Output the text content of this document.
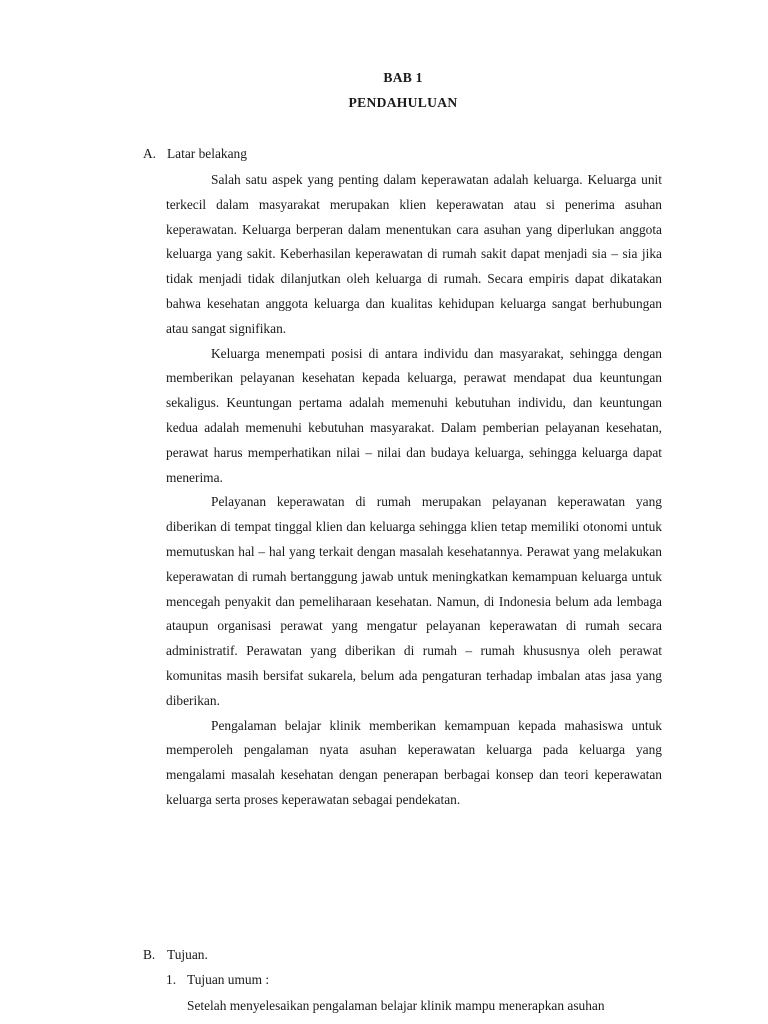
BAB 1
PENDAHULUAN
A. Latar belakang

Salah satu aspek yang penting dalam keperawatan adalah keluarga. Keluarga unit terkecil dalam masyarakat merupakan klien keperawatan atau si penerima asuhan keperawatan. Keluarga berperan dalam menentukan cara asuhan yang diperlukan anggota keluarga yang sakit. Keberhasilan keperawatan di rumah sakit dapat menjadi sia – sia jika tidak menjadi tidak dilanjutkan oleh keluarga di rumah. Secara empiris dapat dikatakan bahwa kesehatan anggota keluarga dan kualitas kehidupan keluarga sangat berhubungan atau sangat signifikan.

Keluarga menempati posisi di antara individu dan masyarakat, sehingga dengan memberikan pelayanan kesehatan kepada keluarga, perawat mendapat dua keuntungan sekaligus. Keuntungan pertama adalah memenuhi kebutuhan individu, dan keuntungan kedua adalah memenuhi kebutuhan masyarakat. Dalam pemberian pelayanan kesehatan, perawat harus memperhatikan nilai – nilai dan budaya keluarga, sehingga keluarga dapat menerima.

Pelayanan keperawatan di rumah merupakan pelayanan keperawatan yang diberikan di tempat tinggal klien dan keluarga sehingga klien tetap memiliki otonomi untuk memutuskan hal – hal yang terkait dengan masalah kesehatannya. Perawat yang melakukan keperawatan di rumah bertanggung jawab untuk meningkatkan kemampuan keluarga untuk mencegah penyakit dan pemeliharaan kesehatan. Namun, di Indonesia belum ada lembaga ataupun organisasi perawat yang mengatur pelayanan keperawatan di rumah secara administratif. Perawatan yang diberikan di rumah – rumah khususnya oleh perawat komunitas masih bersifat sukarela, belum ada pengaturan terhadap imbalan atas jasa yang diberikan.

Pengalaman belajar klinik memberikan kemampuan kepada mahasiswa untuk memperoleh pengalaman nyata asuhan keperawatan keluarga pada keluarga yang mengalami masalah kesehatan dengan penerapan berbagai konsep dan teori keperawatan keluarga serta proses keperawatan sebagai pendekatan.

B. Tujuan.
1. Tujuan umum :
Setelah menyelesaikan pengalaman belajar klinik mampu menerapkan asuhan
